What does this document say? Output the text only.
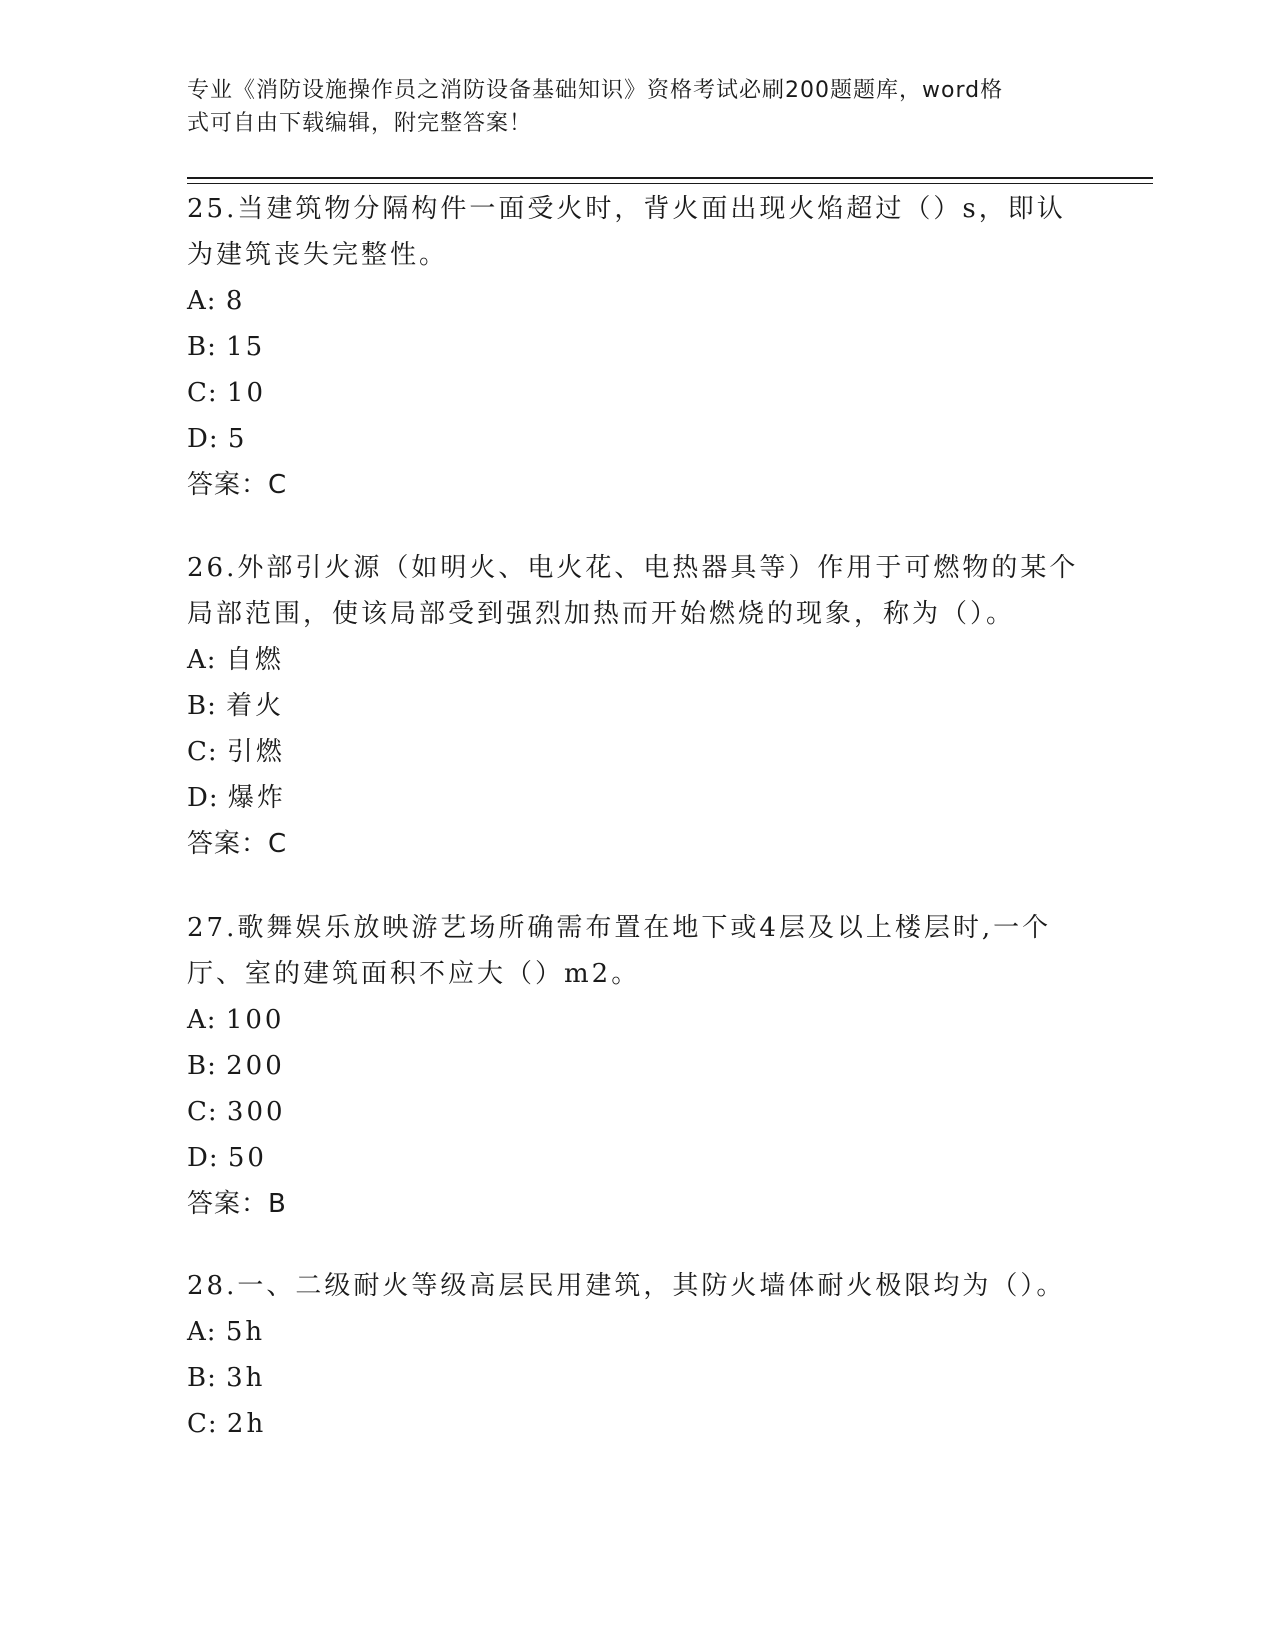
专业《消防设施操作员之消防设备基础知识》资格考试必刷200题题库，word格
式可自由下载编辑，附完整答案！
25.当建筑物分隔构件一面受火时，背火面出现火焰超过（）s，即认
为建筑丧失完整性。
A: 8
B: 15
C: 10
D: 5
答案：C
26.外部引火源（如明火、电火花、电热器具等）作用于可燃物的某个
局部范围，使该局部受到强烈加热而开始燃烧的现象，称为（）。
A: 自燃
B: 着火
C: 引燃
D: 爆炸
答案：C
27.歌舞娱乐放映游艺场所确需布置在地下或4层及以上楼层时,一个
厅、室的建筑面积不应大（）m2。
A: 100
B: 200
C: 300
D: 50
答案：B
28.一、二级耐火等级高层民用建筑，其防火墙体耐火极限均为（）。
A: 5h
B: 3h
C: 2h
